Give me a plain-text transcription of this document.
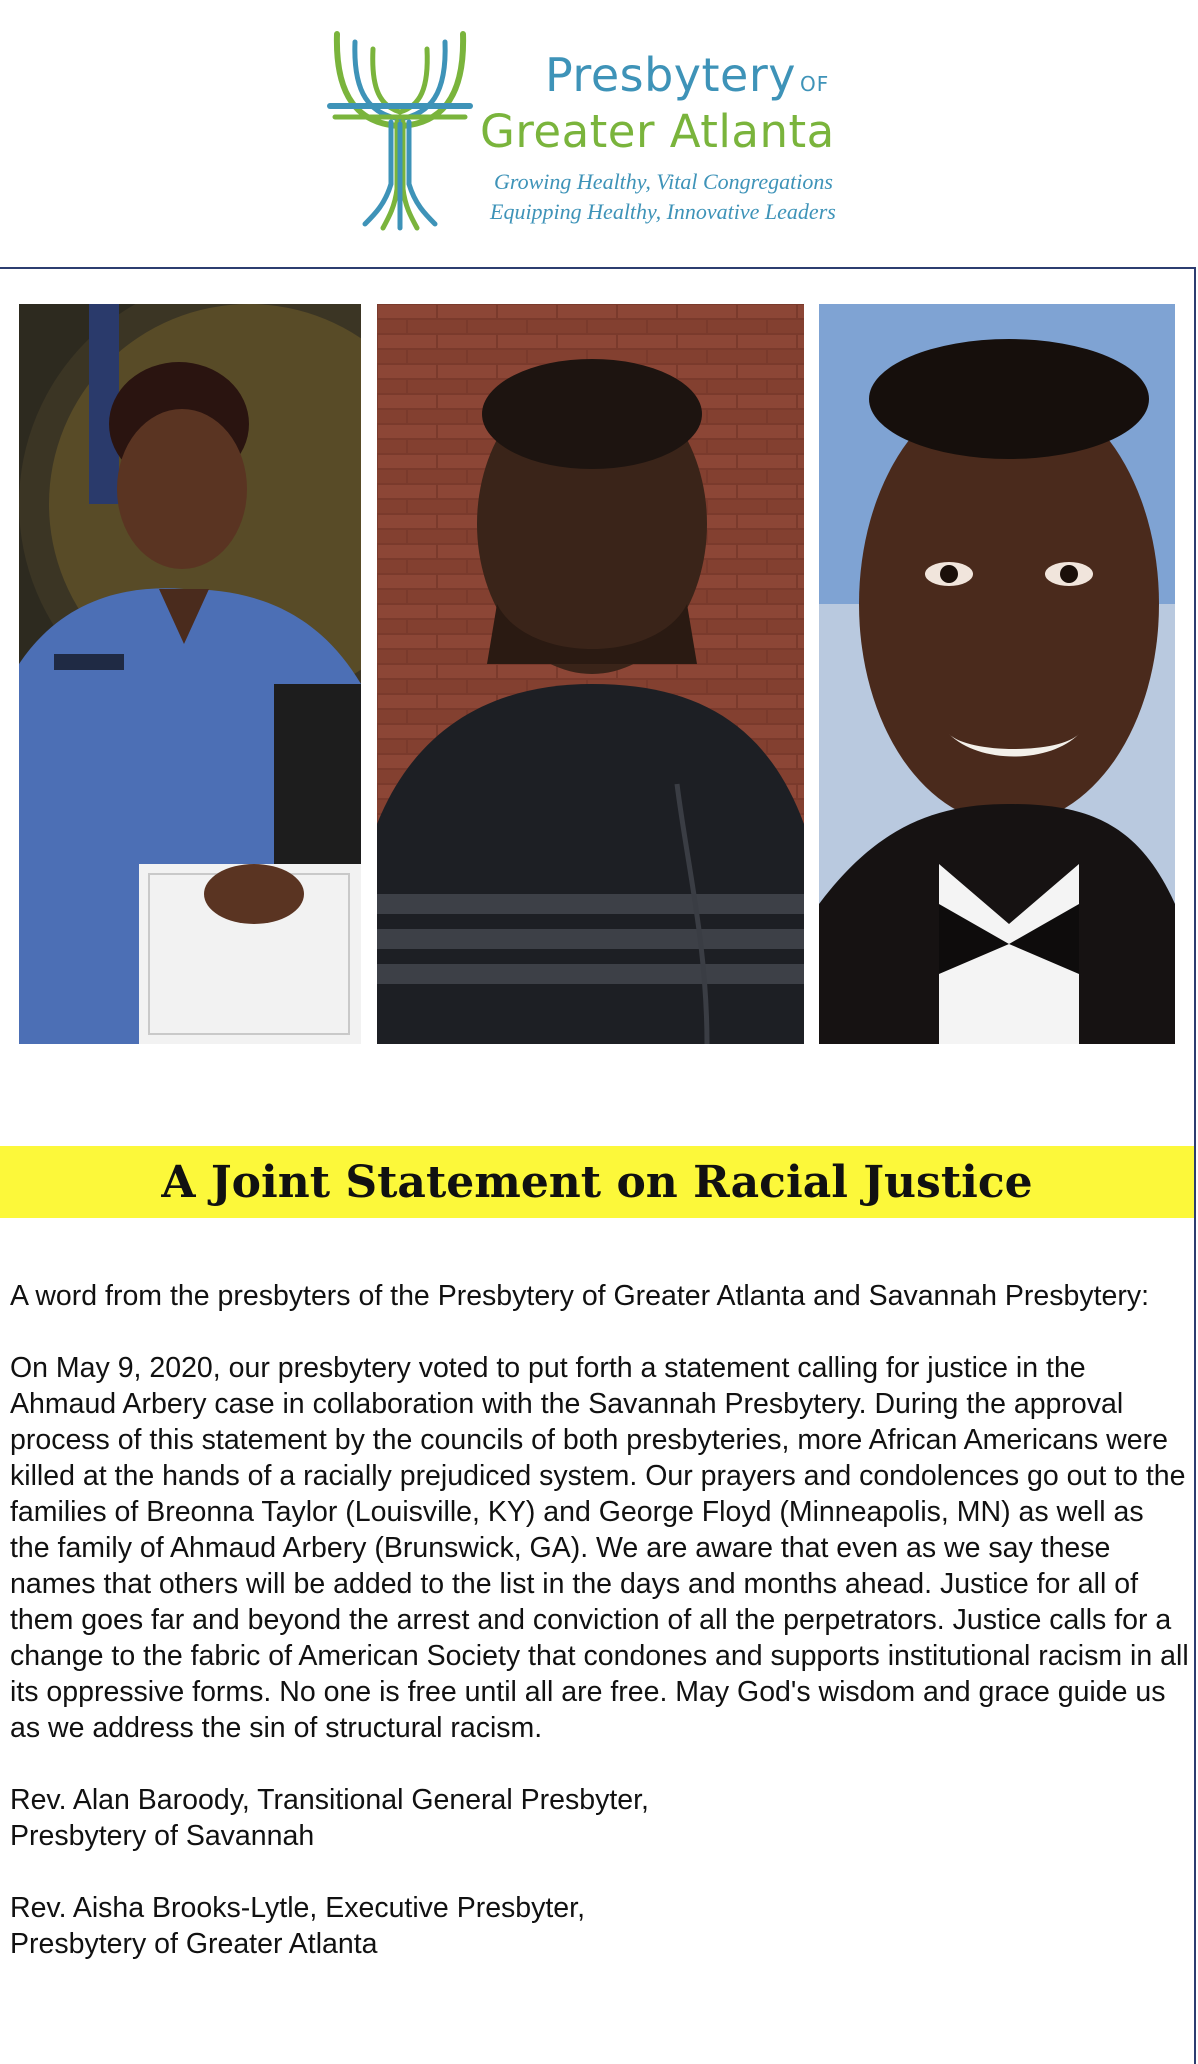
Presbytery OF
Greater Atlanta
Growing Healthy, Vital Congregations
Equipping Healthy, Innovative Leaders
A Joint Statement on Racial Justice

A word from the presbyters of the Presbytery of Greater Atlanta and Savannah Presbytery:

On May 9, 2020, our presbytery voted to put forth a statement calling for justice in the Ahmaud Arbery case in collaboration with the Savannah Presbytery. During the approval process of this statement by the councils of both presbyteries, more African Americans were killed at the hands of a racially prejudiced system. Our prayers and condolences go out to the families of Breonna Taylor (Louisville, KY) and George Floyd (Minneapolis, MN) as well as the family of Ahmaud Arbery (Brunswick, GA). We are aware that even as we say these names that others will be added to the list in the days and months ahead. Justice for all of them goes far and beyond the arrest and conviction of all the perpetrators. Justice calls for a change to the fabric of American Society that condones and supports institutional racism in all its oppressive forms. No one is free until all are free. May God's wisdom and grace guide us as we address the sin of structural racism.

Rev. Alan Baroody, Transitional General Presbyter,
Presbytery of Savannah
Rev. Aisha Brooks-Lytle, Executive Presbyter,
Presbytery of Greater Atlanta
